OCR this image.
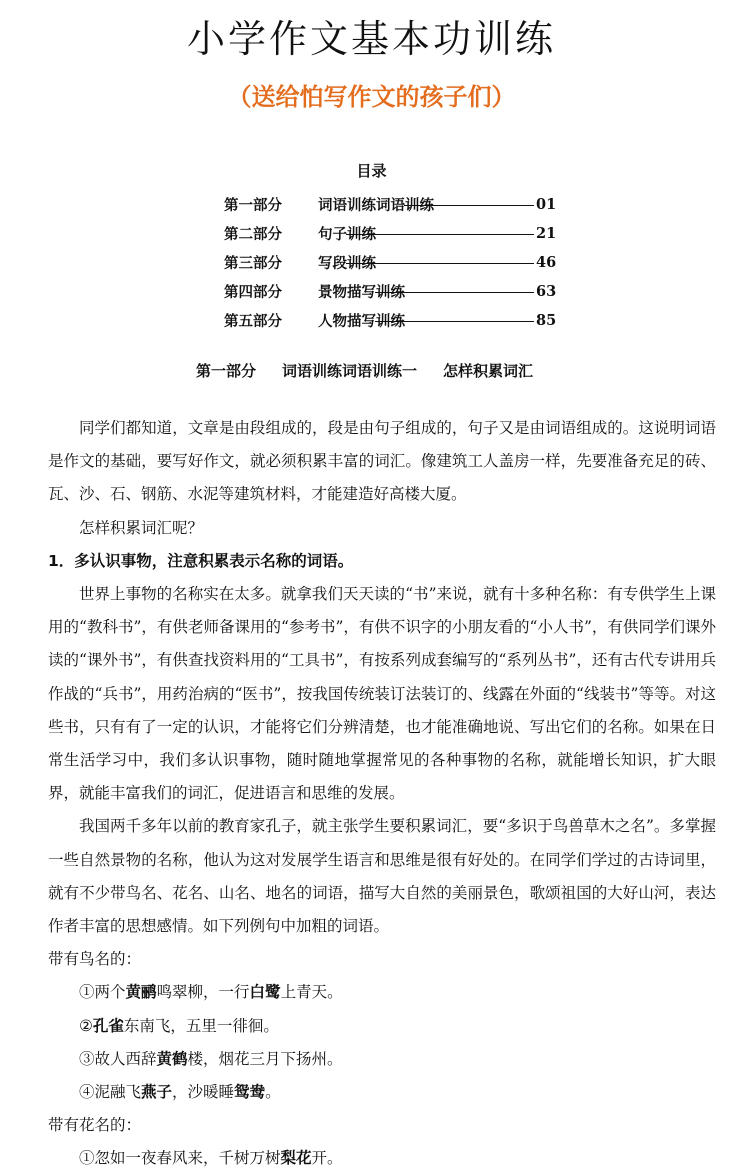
小学作文基本功训练
（送给怕写作文的孩子们）
目录
第一部分	词语训练词语训练	01
第二部分	句子训练	21
第三部分	写段训练	46
第四部分	景物描写训练	63
第五部分	人物描写训练	85
第一部分 词语训练词语训练一 怎样积累词汇

同学们都知道，文章是由段组成的，段是由句子组成的，句子又是由词语组成的。这说明词语是作文的基础，要写好作文，就必须积累丰富的词汇。像建筑工人盖房一样，先要准备充足的砖、瓦、沙、石、钢筋、水泥等建筑材料，才能建造好高楼大厦。

怎样积累词汇呢？

1．多认识事物，注意积累表示名称的词语。

世界上事物的名称实在太多。就拿我们天天读的“书”来说，就有十多种名称：有专供学生上课用的“教科书”，有供老师备课用的“参考书”，有供不识字的小朋友看的“小人书”，有供同学们课外读的“课外书”，有供查找资料用的“工具书”，有按系列成套编写的“系列丛书”，还有古代专讲用兵作战的“兵书”，用药治病的“医书”，按我国传统装订法装订的、线露在外面的“线装书”等等。对这些书，只有有了一定的认识，才能将它们分辨清楚，也才能准确地说、写出它们的名称。如果在日常生活学习中，我们多认识事物，随时随地掌握常见的各种事物的名称，就能增长知识，扩大眼界，就能丰富我们的词汇，促进语言和思维的发展。

我国两千多年以前的教育家孔子，就主张学生要积累词汇，要“多识于鸟兽草木之名”。多掌握一些自然景物的名称，他认为这对发展学生语言和思维是很有好处的。在同学们学过的古诗词里，就有不少带鸟名、花名、山名、地名的词语，描写大自然的美丽景色，歌颂祖国的大好山河，表达作者丰富的思想感情。如下列例句中加粗的词语。

带有鸟名的：

①两个黄鹂鸣翠柳，一行白鹭上青天。

②孔雀东南飞，五里一徘徊。

③故人西辞黄鹤楼，烟花三月下扬州。

④泥融飞燕子，沙暖睡鸳鸯。

带有花名的：

①忽如一夜春风来，千树万树梨花开。
